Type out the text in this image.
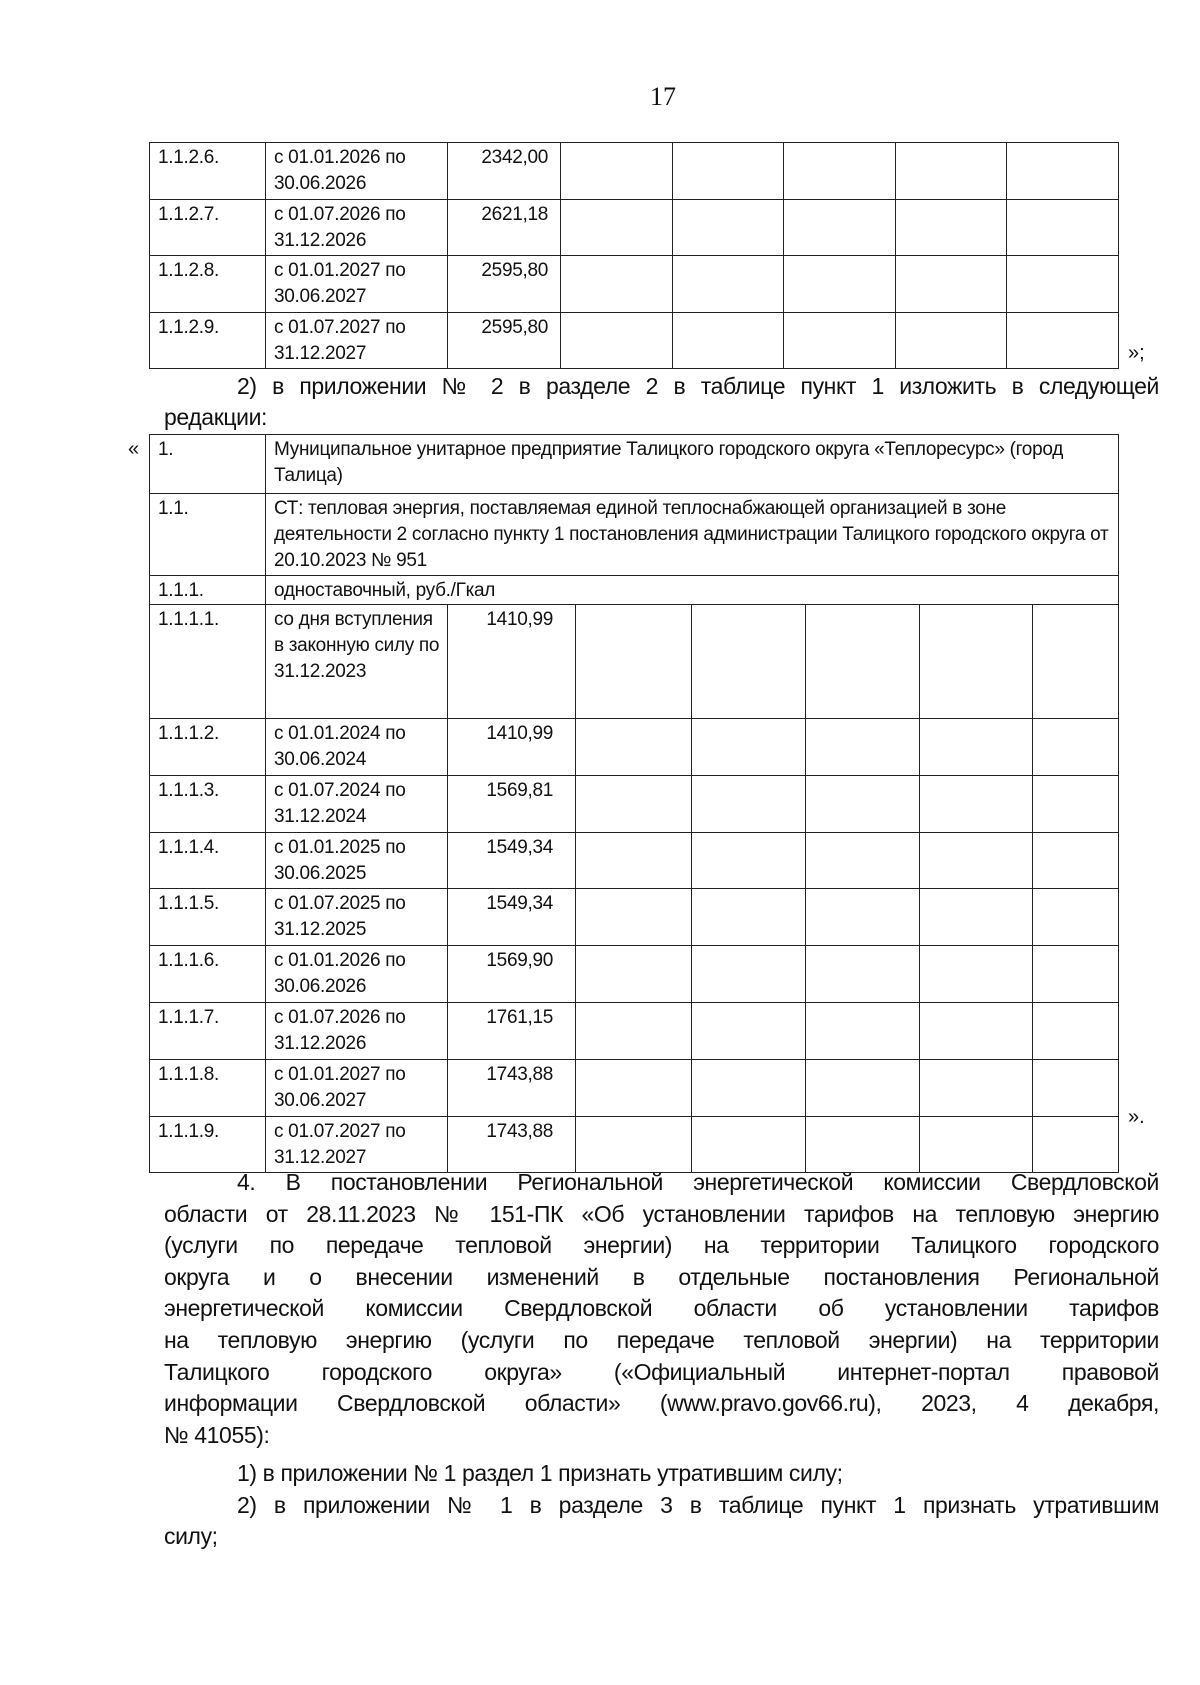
17
1.1.2.6.	с 01.01.2026 по 30.06.2026	2342,00					
1.1.2.7.	с 01.07.2026 по 31.12.2026	2621,18					
1.1.2.8.	с 01.01.2027 по 30.06.2027	2595,80					
1.1.2.9.	с 01.07.2027 по 31.12.2027	2595,80					
»;
2) в приложении № 2 в разделе 2 в таблице пункт 1 изложить в следующей
редакции:
« 1.	Муниципальное унитарное предприятие Талицкого городского округа «Теплоресурс» (город Талица)						
1.1.	СТ: тепловая энергия, поставляемая единой теплоснабжающей организацией в зоне деятельности 2 согласно пункту 1 постановления администрации Талицкого городского округа от 20.10.2023 № 951						
1.1.1.	одноставочный, руб./Гкал						
1.1.1.1.	со дня вступления в законную силу по 31.12.2023	1410,99					
1.1.1.2.	с 01.01.2024 по 30.06.2024	1410,99					
1.1.1.3.	с 01.07.2024 по 31.12.2024	1569,81					
1.1.1.4.	с 01.01.2025 по 30.06.2025	1549,34					
1.1.1.5.	с 01.07.2025 по 31.12.2025	1549,34					
1.1.1.6.	с 01.01.2026 по 30.06.2026	1569,90					
1.1.1.7.	с 01.07.2026 по 31.12.2026	1761,15					
1.1.1.8.	с 01.01.2027 по 30.06.2027	1743,88					
1.1.1.9.	с 01.07.2027 по 31.12.2027	1743,88					
».
4. В постановлении Региональной энергетической комиссии Свердловской
области от 28.11.2023 № 151-ПК «Об установлении тарифов на тепловую энергию
(услуги по передаче тепловой энергии) на территории Талицкого городского
округа и о внесении изменений в отдельные постановления Региональной
энергетической комиссии Свердловской области об установлении тарифов
на тепловую энергию (услуги по передаче тепловой энергии) на территории
Талицкого городского округа» («Официальный интернет-портал правовой
информации Свердловской области» (www.pravo.gov66.ru), 2023, 4 декабря,
№ 41055):
1) в приложении № 1 раздел 1 признать утратившим силу;
2) в приложении № 1 в разделе 3 в таблице пункт 1 признать утратившим
силу;
